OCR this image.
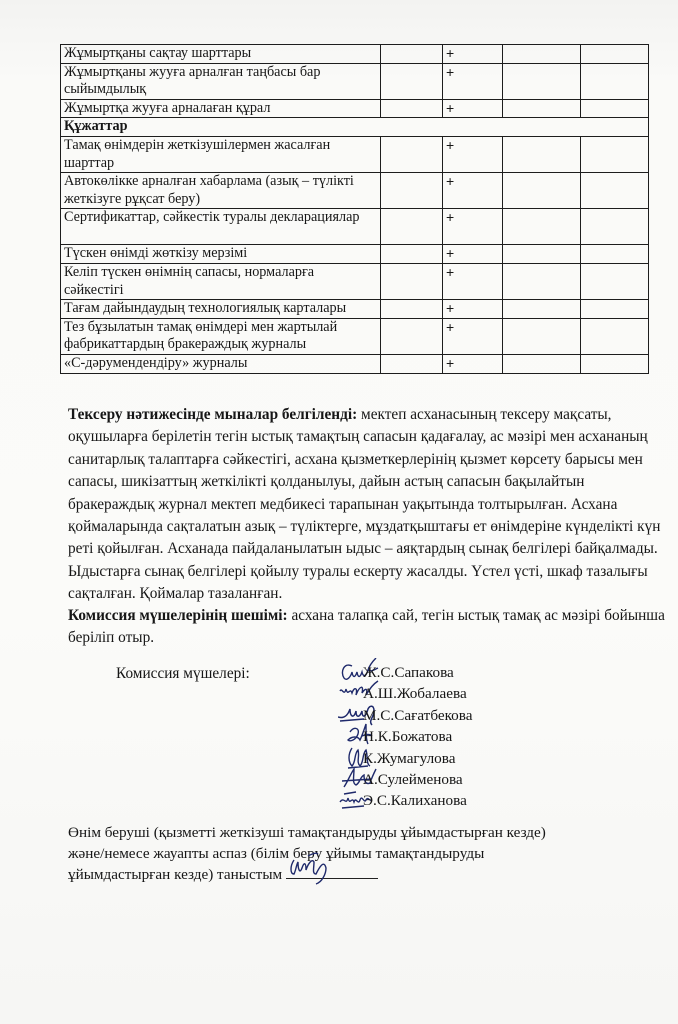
Жұмыртқаны сақтау шарттары		+		
Жұмыртқаны жууға арналған таңбасы бар сыйымдылық		+		
Жұмыртқа жууға арналаған құрал		+		
Құжаттар				
Тамақ өнімдерін жеткізушілермен жасалған шарттар		+		
Автокөлікке арналған хабарлама (азық – түлікті жеткізуге рұқсат беру)		+		
Сертификаттар, сәйкестік туралы декларациялар		+		
Түскен өнімді жөткізу мерзімі		+		
Келіп түскен өнімнің сапасы, нормаларға сәйкестігі		+		
Тағам дайындаудың технологиялық карталары		+		
Тез бұзылатын тамақ өнімдері мен жартылай фабрикаттардың бракераждық журналы		+		
«С-дәрумендендіру» журналы		+		

Тексеру нәтижесінде мыналар белгіленді: мектеп асханасының тексеру мақсаты, оқушыларға берілетін тегін ыстық тамақтың сапасын қадағалау, ас мәзірі мен асхананың санитарлық талаптарға сәйкестігі, асхана қызметкерлерінің қызмет көрсету барысы мен сапасы, шикізаттың жеткілікті қолданылуы, дайын астың сапасын бақылайтын бракераждық журнал мектеп медбикесі тарапынан уақытында толтырылған. Асхана қоймаларында сақталатын азық – түліктерге, мұздатқыштағы ет өнімдеріне күнделікті күн реті қойылған. Асханада пайдаланылатын ыдыс – аяқтардың сынақ белгілері байқалмады. Ыдыстарға сынақ белгілері қойылу туралы ескерту жасалды. Үстел үсті, шкаф тазалығы сақталған. Қоймалар тазаланған.

Комиссия мүшелерінің шешімі: асхана талапқа сай, тегін ыстық тамақ ас мәзірі бойынша беріліп отыр.

Комиссия мүшелері:	Ж.С.Сапакова
А.Ш.Жобалаева
М.С.Сағатбекова
Н.К.Божатова
К.Жумагулова
А.Сулейменова
Э.С.Калиханова

Өнім беруші (қызметті жеткізуші тамақтандыруды ұйымдастырған кезде)
және/немесе жауапты аспаз (білім беру ұйымы тамақтандыруды
ұйымдастырған кезде) таныстым
